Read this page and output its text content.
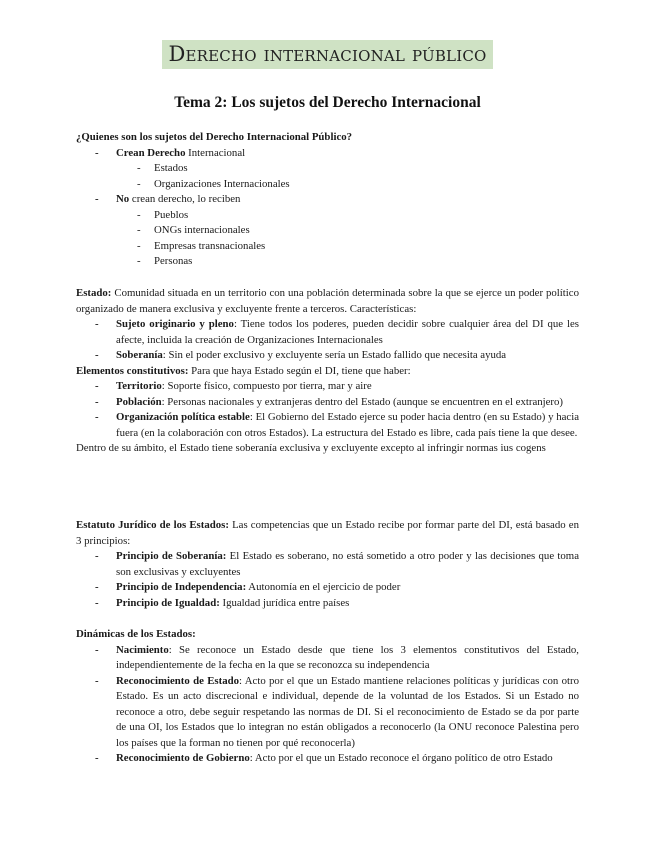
Derecho internacional público
Tema 2: Los sujetos del Derecho Internacional

¿Quienes son los sujetos del Derecho Internacional Público?

- Crean Derecho Internacional
- Estados
- Organizaciones Internacionales
- No crean derecho, lo reciben
- Pueblos
- ONGs internacionales
- Empresas transnacionales
- Personas

Estado: Comunidad situada en un territorio con una población determinada sobre la que se ejerce un poder político organizado de manera exclusiva y excluyente frente a terceros. Características:

- Sujeto originario y pleno: Tiene todos los poderes, pueden decidir sobre cualquier área del DI que les afecte, incluida la creación de Organizaciones Internacionales
- Soberanía: Sin el poder exclusivo y excluyente sería un Estado fallido que necesita ayuda

Elementos constitutivos: Para que haya Estado según el DI, tiene que haber:

- Territorio: Soporte físico, compuesto por tierra, mar y aire
- Población: Personas nacionales y extranjeras dentro del Estado (aunque se encuentren en el extranjero)
- Organización política estable: El Gobierno del Estado ejerce su poder hacia dentro (en su Estado) y hacia fuera (en la colaboración con otros Estados). La estructura del Estado es libre, cada país tiene la que desee.

Dentro de su ámbito, el Estado tiene soberanía exclusiva y excluyente excepto al infringir normas ius cogens

Estatuto Jurídico de los Estados: Las competencias que un Estado recibe por formar parte del DI, está basado en 3 principios:

- Principio de Soberanía: El Estado es soberano, no está sometido a otro poder y las decisiones que toma son exclusivas y excluyentes
- Principio de Independencia: Autonomía en el ejercicio de poder
- Principio de Igualdad: Igualdad jurídica entre países

Dinámicas de los Estados:

- Nacimiento: Se reconoce un Estado desde que tiene los 3 elementos constitutivos del Estado, independientemente de la fecha en la que se reconozca su independencia
- Reconocimiento de Estado: Acto por el que un Estado mantiene relaciones políticas y jurídicas con otro Estado. Es un acto discrecional e individual, depende de la voluntad de los Estados. Si un Estado no reconoce a otro, debe seguir respetando las normas de DI. Si el reconocimiento de Estado se da por parte de una OI, los Estados que lo integran no están obligados a reconocerlo (la ONU reconoce Palestina pero los países que la forman no tienen por qué reconocerla)
- Reconocimiento de Gobierno: Acto por el que un Estado reconoce el órgano político de otro Estado
